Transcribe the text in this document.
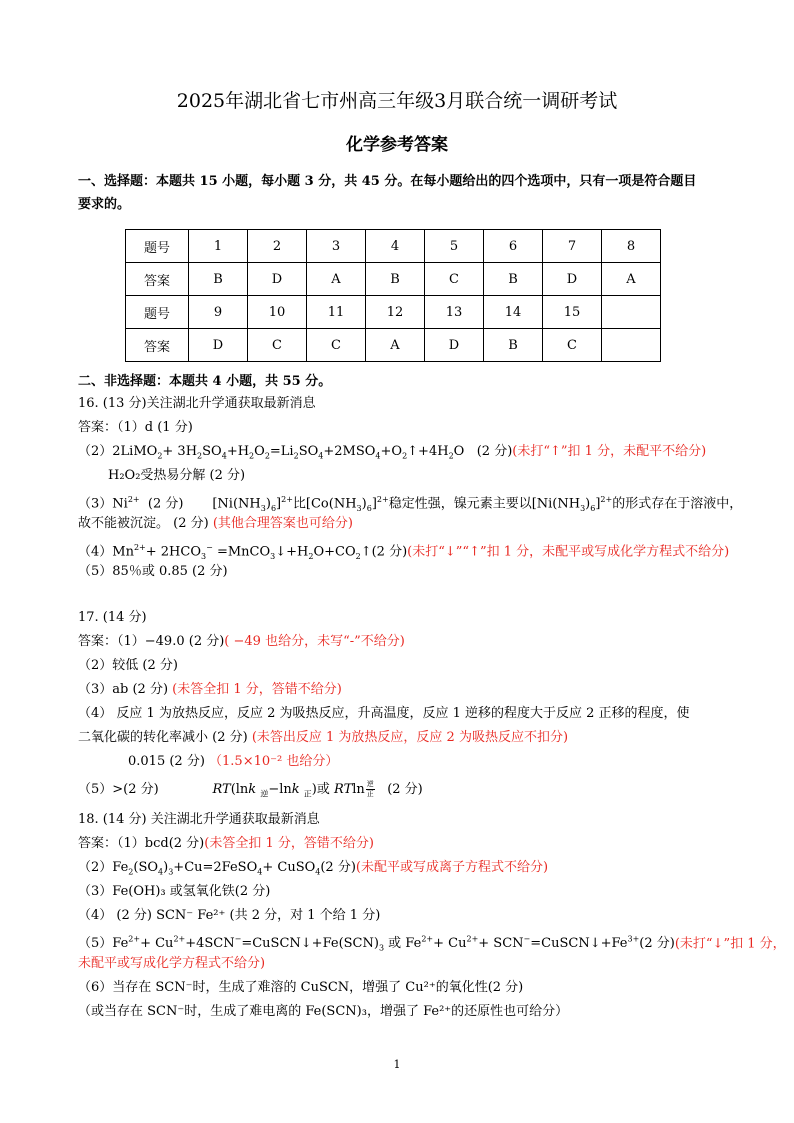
2025年湖北省七市州高三年级3月联合统一调研考试
化学参考答案
一、选择题：本题共 15 小题，每小题 3 分，共 45 分。在每小题给出的四个选项中，只有一项是符合题目
要求的。
题号	1	2	3	4	5	6	7	8
答案	B	D	A	B	C	B	D	A
题号	9	10	11	12	13	14	15	
答案	D	C	C	A	D	B	C	
二、非选择题：本题共 4 小题，共 55 分。
16. (13 分)关注湖北升学通获取最新消息
答案：（1）d (1 分)
（2）2LiMO$_2$+ $3H_2SO_4+H_2O_2=Li_2SO_4+2MSO_4+O_2↑+4H_2O$ (2 分)(未打“↑”扣 1 分，未配平不给分)
H₂O₂受热易分解 (2 分)
$(3)Ni^{2+}$ (2 分)       $[Ni(NH_3)_6]^{2+}$比$[Co(NH_3)_6]^{2+}$稳定性强，镍元素主要以$[Ni(NH_3)_6]^{2+}$的形式存在于溶液中，
故不能被沉淀。 (2 分) (其他合理答案也可给分)
$(4)Mn^{2+}+ 2HCO_3^-$ $=MnCO_3↓+H_2O+CO_2↑(2$ 分)(未打“↓”“↑”扣 1 分，未配平或写成化学方程式不给分)
（5）85％或 0.85 (2 分)
17. (14 分)
答案：（1）−49.0 (2 分)( −49 也给分，未写“-”不给分)
（2）较低 (2 分)
（3）ab (2 分) (未答全扣 1 分，答错不给分)
（4） 反应 1 为放热反应，反应 2 为吸热反应，升高温度，反应 1 逆移的程度大于反应 2 正移的程度，使
二氧化碳的转化率减小 (2 分) (未答出反应 1 为放热反应，反应 2 为吸热反应不扣分)
0.015 (2 分) （1.5×10⁻² 也给分）
（5）>(2 分)	RT(lnk $_逆$−lnk $_正$)或 RTln $\frac{\text{逆}}{\text{正}} (2$ 分)
18. (14 分) 关注湖北升学通获取最新消息
答案：（1）bcd(2 分)(未答全扣 1 分，答错不给分)
$(2)Fe_2(SO_4)_3+Cu=2FeSO_4+$ CuSO$_4$(2 分)(未配平或写成离子方程式不给分)
（3）Fe(OH)₃ 或氢氧化铁(2 分)
（4） (2 分) SCN⁻ Fe²⁺ (共 2 分，对 1 个给 1 分)
$(5)Fe^{2+}+$ $Cu^{2+}+4SCN^-=CuSCN↓+Fe(SCN)_3$ 或 $Fe^{2+}+ Cu^{2+}+$ $SCN^-=CuSCN↓+Fe^{3+}(2$ 分)(未打“↓”扣 1 分，
未配平或写成化学方程式不给分)
（6）当存在 SCN⁻时，生成了难溶的 CuSCN，增强了 Cu²⁺的氧化性(2 分)
（或当存在 SCN⁻时，生成了难电离的 Fe(SCN)₃，增强了 Fe²⁺的还原性也可给分）
1
